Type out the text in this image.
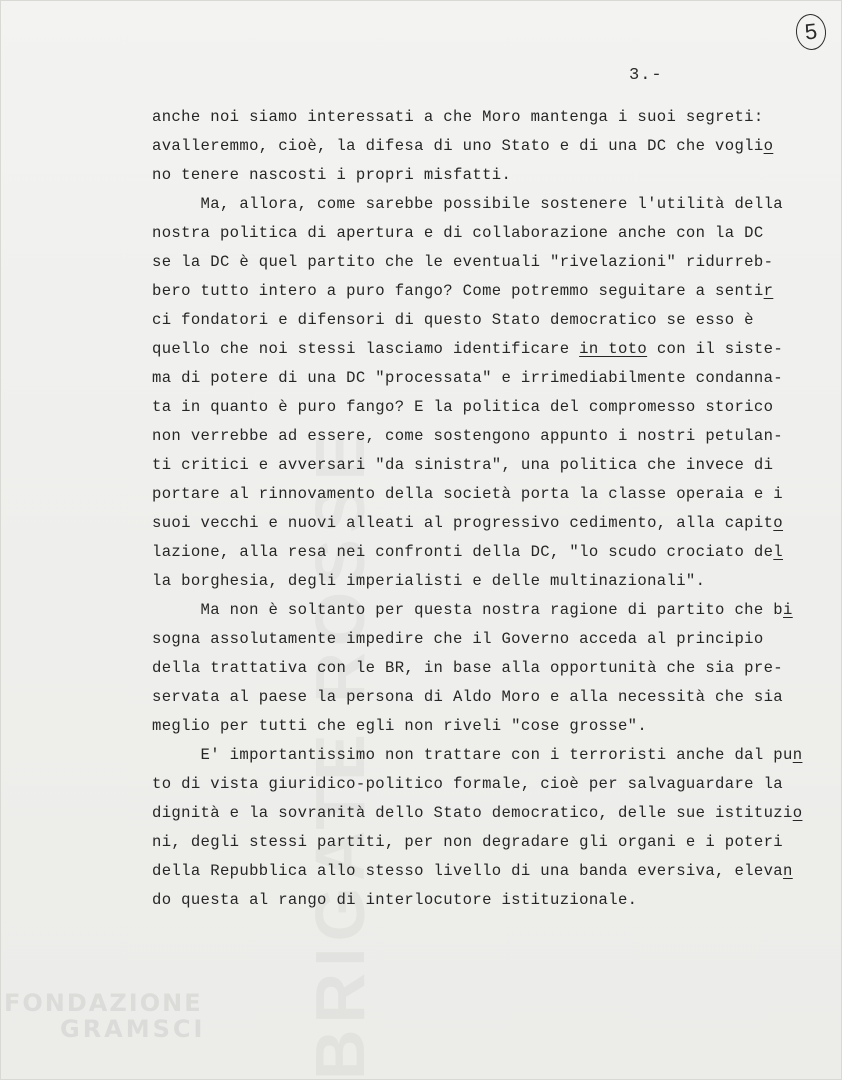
BRIGATE ROSSE
5
3.-
anche noi siamo interessati a che Moro mantenga i suoi segreti:
avalleremmo, cioè, la difesa di uno Stato e di una DC che voglio
no tenere nascosti i propri misfatti.
Ma, allora, come sarebbe possibile sostenere l'utilità della
nostra politica di apertura e di collaborazione anche con la DC
se la DC è quel partito che le eventuali "rivelazioni" ridurreb-
bero tutto intero a puro fango? Come potremmo seguitare a sentir
ci fondatori e difensori di questo Stato democratico se esso è
quello che noi stessi lasciamo identificare in toto con il siste-
ma di potere di una DC "processata" e irrimediabilmente condanna-
ta in quanto è puro fango? E la politica del compromesso storico
non verrebbe ad essere, come sostengono appunto i nostri petulan-
ti critici e avversari "da sinistra", una politica che invece di
portare al rinnovamento della società porta la classe operaia e i
suoi vecchi e nuovi alleati al progressivo cedimento, alla capito
lazione, alla resa nei confronti della DC, "lo scudo crociato del
la borghesia, degli imperialisti e delle multinazionali".
Ma non è soltanto per questa nostra ragione di partito che bi
sogna assolutamente impedire che il Governo acceda al principio
della trattativa con le BR, in base alla opportunità che sia pre-
servata al paese la persona di Aldo Moro e alla necessità che sia
meglio per tutti che egli non riveli "cose grosse".
E' importantissimo non trattare con i terroristi anche dal pun
to di vista giuridico-politico formale, cioè per salvaguardare la
dignità e la sovranità dello Stato democratico, delle sue istituzio
ni, degli stessi partiti, per non degradare gli organi e i poteri
della Repubblica allo stesso livello di una banda eversiva, elevan
do questa al rango di interlocutore istituzionale.
FONDAZIONE
GRAMSCI
